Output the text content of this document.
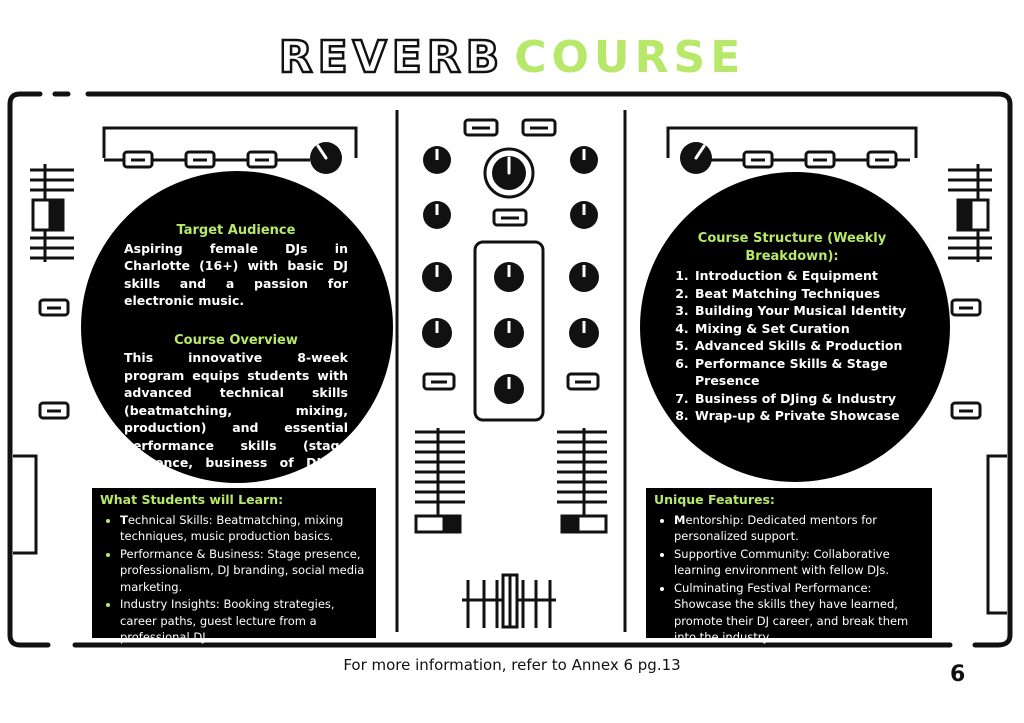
REVERB COURSE
Target Audience

Aspiring female DJs in Charlotte (16+) with basic DJ skills and a passion for electronic music.

Course Overview

This innovative 8-week program equips students with advanced technical skills (beatmatching, mixing, production) and essential performance skills (stage presence, business of DJing, etc).

Course Structure (Weekly Breakdown):
1. Introduction & Equipment
2. Beat Matching Techniques
3. Building Your Musical Identity
4. Mixing & Set Curation
5. Advanced Skills & Production
6. Performance Skills & Stage Presence
7. Business of DJing & Industry
8. Wrap-up & Private Showcase
What Students will Learn:
• Technical Skills: Beatmatching, mixing techniques, music production basics.
• Performance & Business: Stage presence, professionalism, DJ branding, social media marketing.
• Industry Insights: Booking strategies, career paths, guest lecture from a professional DJ.
Unique Features:
• Mentorship: Dedicated mentors for personalized support.
• Supportive Community: Collaborative learning environment with fellow DJs.
• Culminating Festival Performance: Showcase the skills they have learned, promote their DJ career, and break them into the industry.
For more information, refer to Annex 6 pg.13	6
